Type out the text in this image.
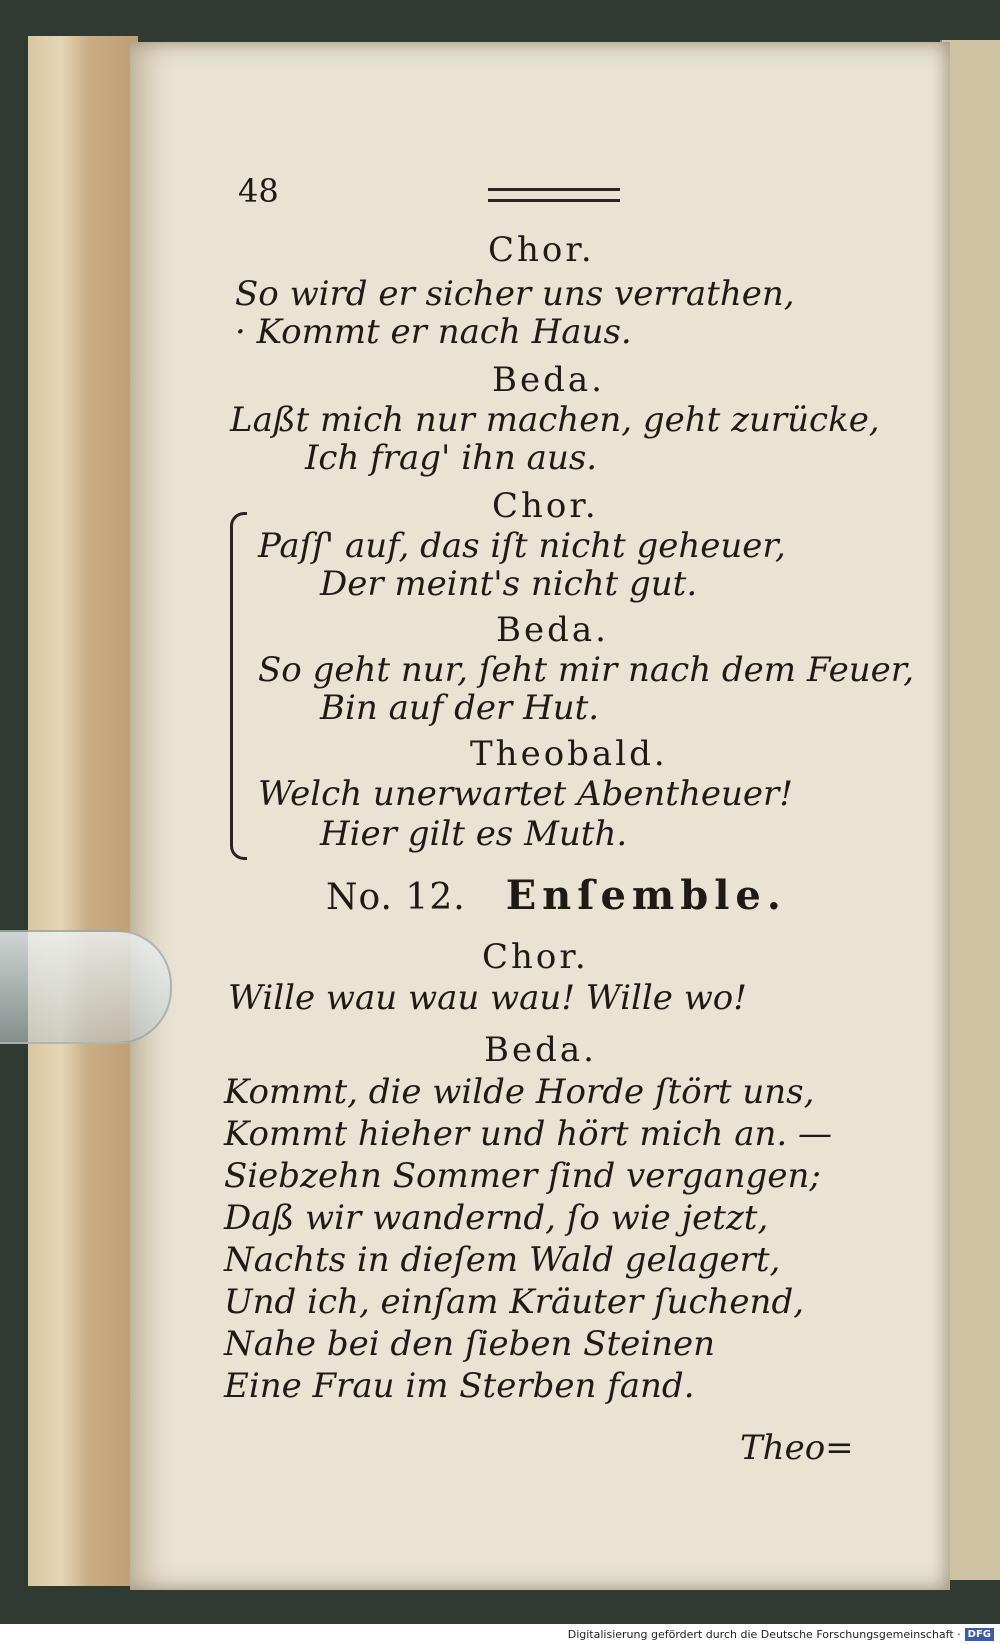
48
Chor.
So wird er sicher uns verrathen,
· Kommt er nach Haus.
Beda.
Laßt mich nur machen, geht zurücke,
Ich frag' ihn aus.
Chor.
Paſſ' auf, das iſt nicht geheuer,
Der meint's nicht gut.
Beda.
So geht nur, ſeht mir nach dem Feuer,
Bin auf der Hut.
Theobald.
Welch unerwartet Abentheuer!
Hier gilt es Muth.
No. 12. Enſemble.
Chor.
Wille wau wau wau! Wille wo!
Beda.
Kommt, die wilde Horde ſtört uns,
Kommt hieher und hört mich an. —
Siebzehn Sommer ſind vergangen;
Daß wir wandernd, ſo wie jetzt,
Nachts in dieſem Wald gelagert,
Und ich, einſam Kräuter ſuchend,
Nahe bei den ſieben Steinen
Eine Frau im Sterben fand.
Theo=
Digitalisierung gefördert durch die Deutsche Forschungsgemeinschaft · DFG
